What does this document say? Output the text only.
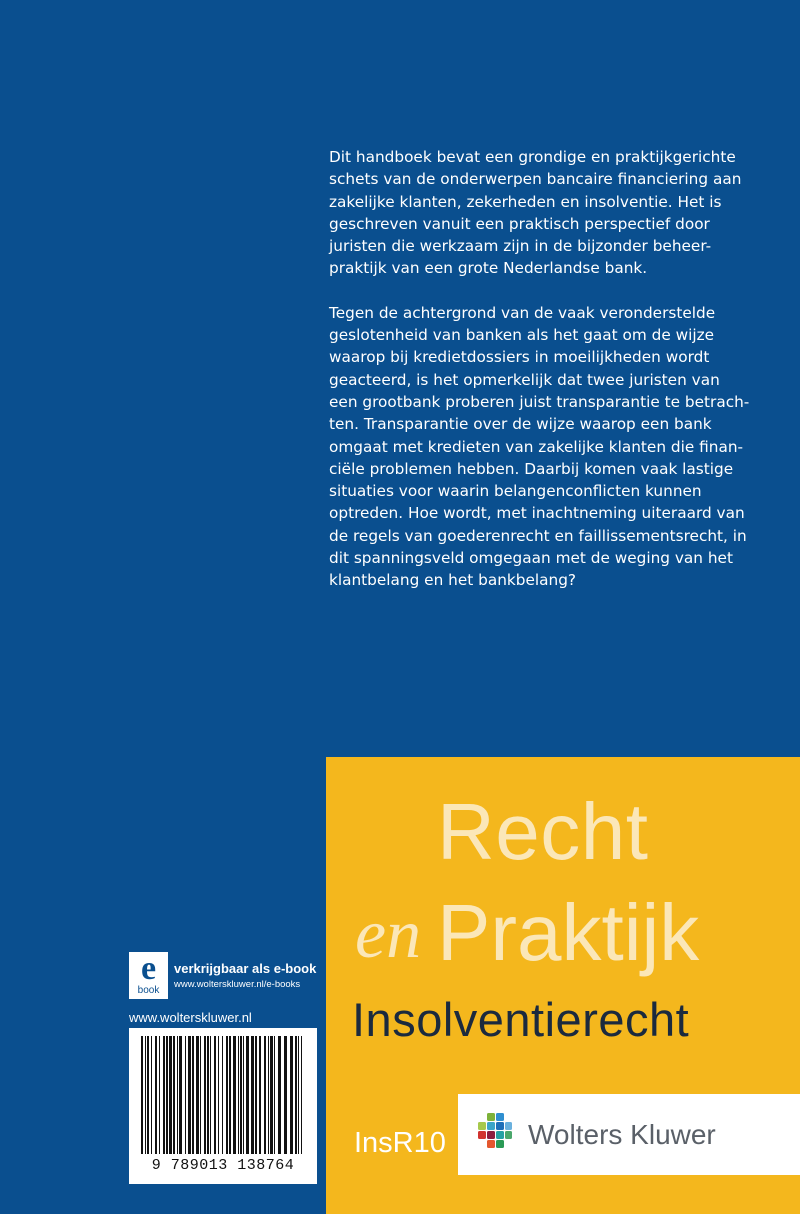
Dit handboek bevat een grondige en praktijkgerichte
schets van de onderwerpen bancaire financiering aan
zakelijke klanten, zekerheden en insolventie. Het is
geschreven vanuit een praktisch perspectief door
juristen die werkzaam zijn in de bijzonder beheer-
praktijk van een grote Nederlandse bank.
Tegen de achtergrond van de vaak veronderstelde
geslotenheid van banken als het gaat om de wijze
waarop bij kredietdossiers in moeilijkheden wordt
geacteerd, is het opmerkelijk dat twee juristen van
een grootbank proberen juist transparantie te betrach-
ten. Transparantie over de wijze waarop een bank
omgaat met kredieten van zakelijke klanten die finan-
ciële problemen hebben. Daarbij komen vaak lastige
situaties voor waarin belangenconflicten kunnen
optreden. Hoe wordt, met inachtneming uiteraard van
de regels van goederenrecht en faillissementsrecht, in
dit spanningsveld omgegaan met de weging van het
klantbelang en het bankbelang?
Recht
en Praktijk
Insolventierecht
InsR10	Wolters Kluwer
e
book
verkrijgbaar als e-book
www.wolterskluwer.nl/e-books
www.wolterskluwer.nl
9 789013 138764
